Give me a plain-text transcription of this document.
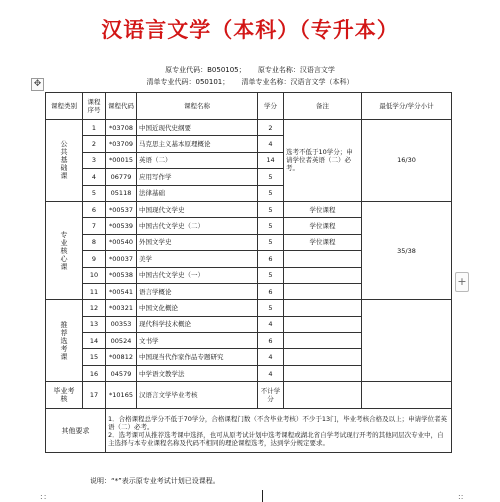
汉语言文学（本科）（专升本）
原专业代码：B050105； 原专业名称：汉语言文学
清单专业代码：050101； 清单专业名称：汉语言文学（本科）
✥
+
课程类别	课程序号	课程代码	课程名称	学分	备注	最低学分/学分小计
公共基础课	1	*03708	中国近现代史纲要	2	选考不低于10学分；申请学位者英语（二）必考。	16/30
	2	*03709	马克思主义基本原理概论	4		
	3	*00015	英语（二）	14		
	4	06779	应用写作学	5		
	5	05118	法律基础	5		
专业核心课	6	*00537	中国现代文学史	5	学位课程	35/38
	7	*00539	中国古代文学史（二）	5	学位课程	
	8	*00540	外国文学史	5	学位课程	
	9	*00037	美学	6		
	10	*00538	中国古代文学史（一）	5		
	11	*00541	语言学概论	6		
推荐选考课	12	*00321	中国文化概论	5		
	13	00353	现代科学技术概论	4		
	14	00524	文书学	6		
	15	*00812	中国现当代作家作品专题研究	4		
	16	04579	中学语文教学法	4		
毕业考核	17	*10165	汉语言文学毕业考核	不计学分		
其他要求		1．合格课程总学分不低于70学分，合格课程门数（不含毕业考核）不少于13门，毕业考核合格及以上；申请学位者英语（二）必考。
2．选考课可从推荐选考课中选择，也可从原考试计划中选考课程或湖北省自学考试现行开考的其他同层次专业中，自主选择与本专业课程名称及代码不相同的理论课程选考，达到学分规定要求。				
说明：“*”表示原专业考试计划已设课程。
::	::
